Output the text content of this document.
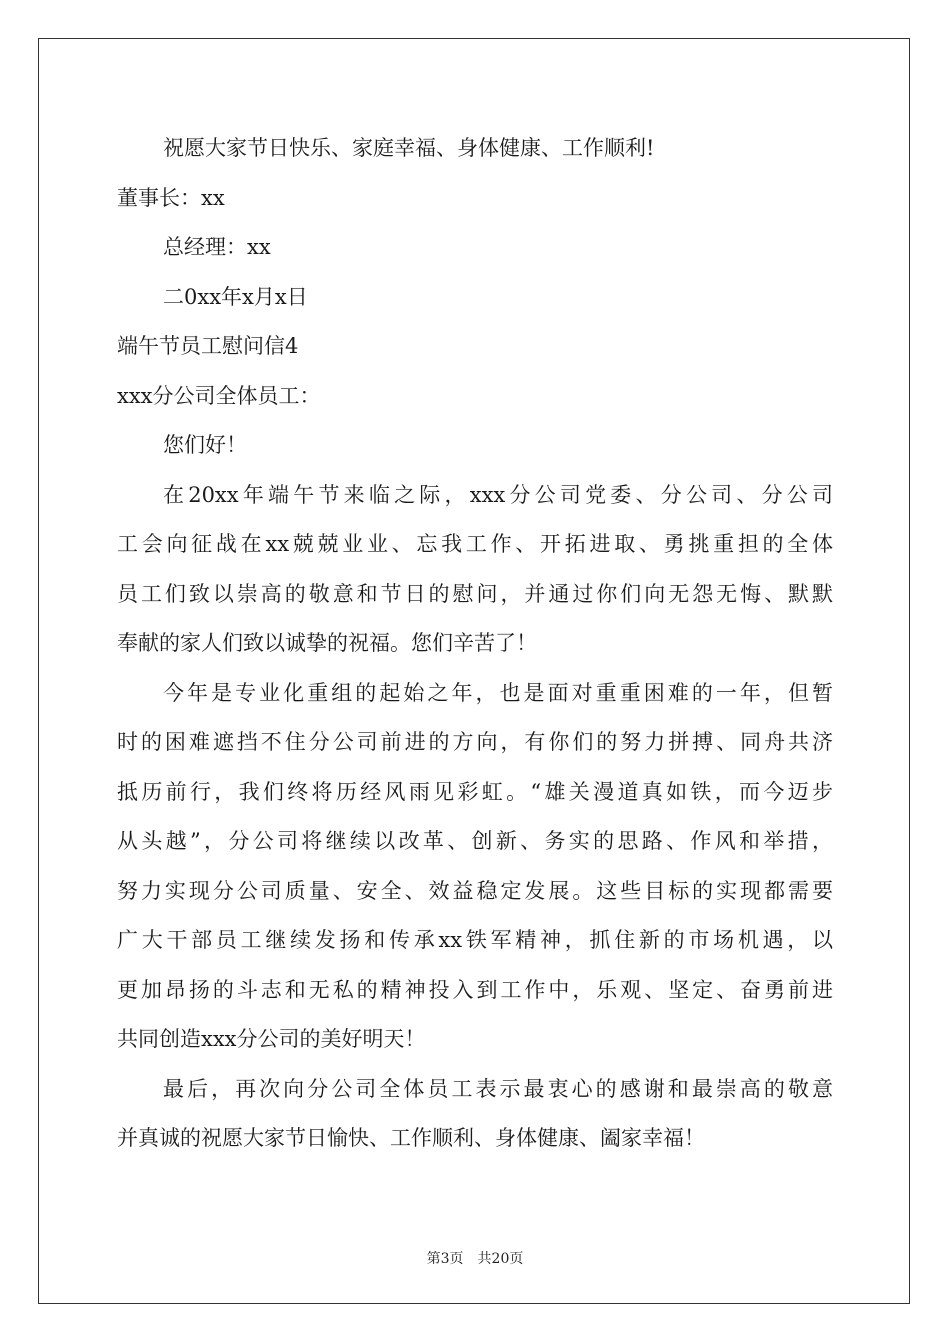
祝愿大家节日快乐、家庭幸福、身体健康、工作顺利!
董事长：xx
总经理：xx
二0xx年x月x日
端午节员工慰问信4
xxx分公司全体员工：
您们好！
在20xx年端午节来临之际，xxx分公司党委、分公司、分公司
工会向征战在xx兢兢业业、忘我工作、开拓进取、勇挑重担的全体
员工们致以崇高的敬意和节日的慰问，并通过你们向无怨无悔、默默
奉献的家人们致以诚挚的祝福。您们辛苦了！
今年是专业化重组的起始之年，也是面对重重困难的一年，但暂
时的困难遮挡不住分公司前进的方向，有你们的努力拼搏、同舟共济
抵历前行，我们终将历经风雨见彩虹。“雄关漫道真如铁，而今迈步
从头越”，分公司将继续以改革、创新、务实的思路、作风和举措，
努力实现分公司质量、安全、效益稳定发展。这些目标的实现都需要
广大干部员工继续发扬和传承xx铁军精神，抓住新的市场机遇，以
更加昂扬的斗志和无私的精神投入到工作中，乐观、坚定、奋勇前进
共同创造xxx分公司的美好明天！
最后，再次向分公司全体员工表示最衷心的感谢和最崇高的敬意
并真诚的祝愿大家节日愉快、工作顺利、身体健康、阖家幸福！
第3页　共20页
